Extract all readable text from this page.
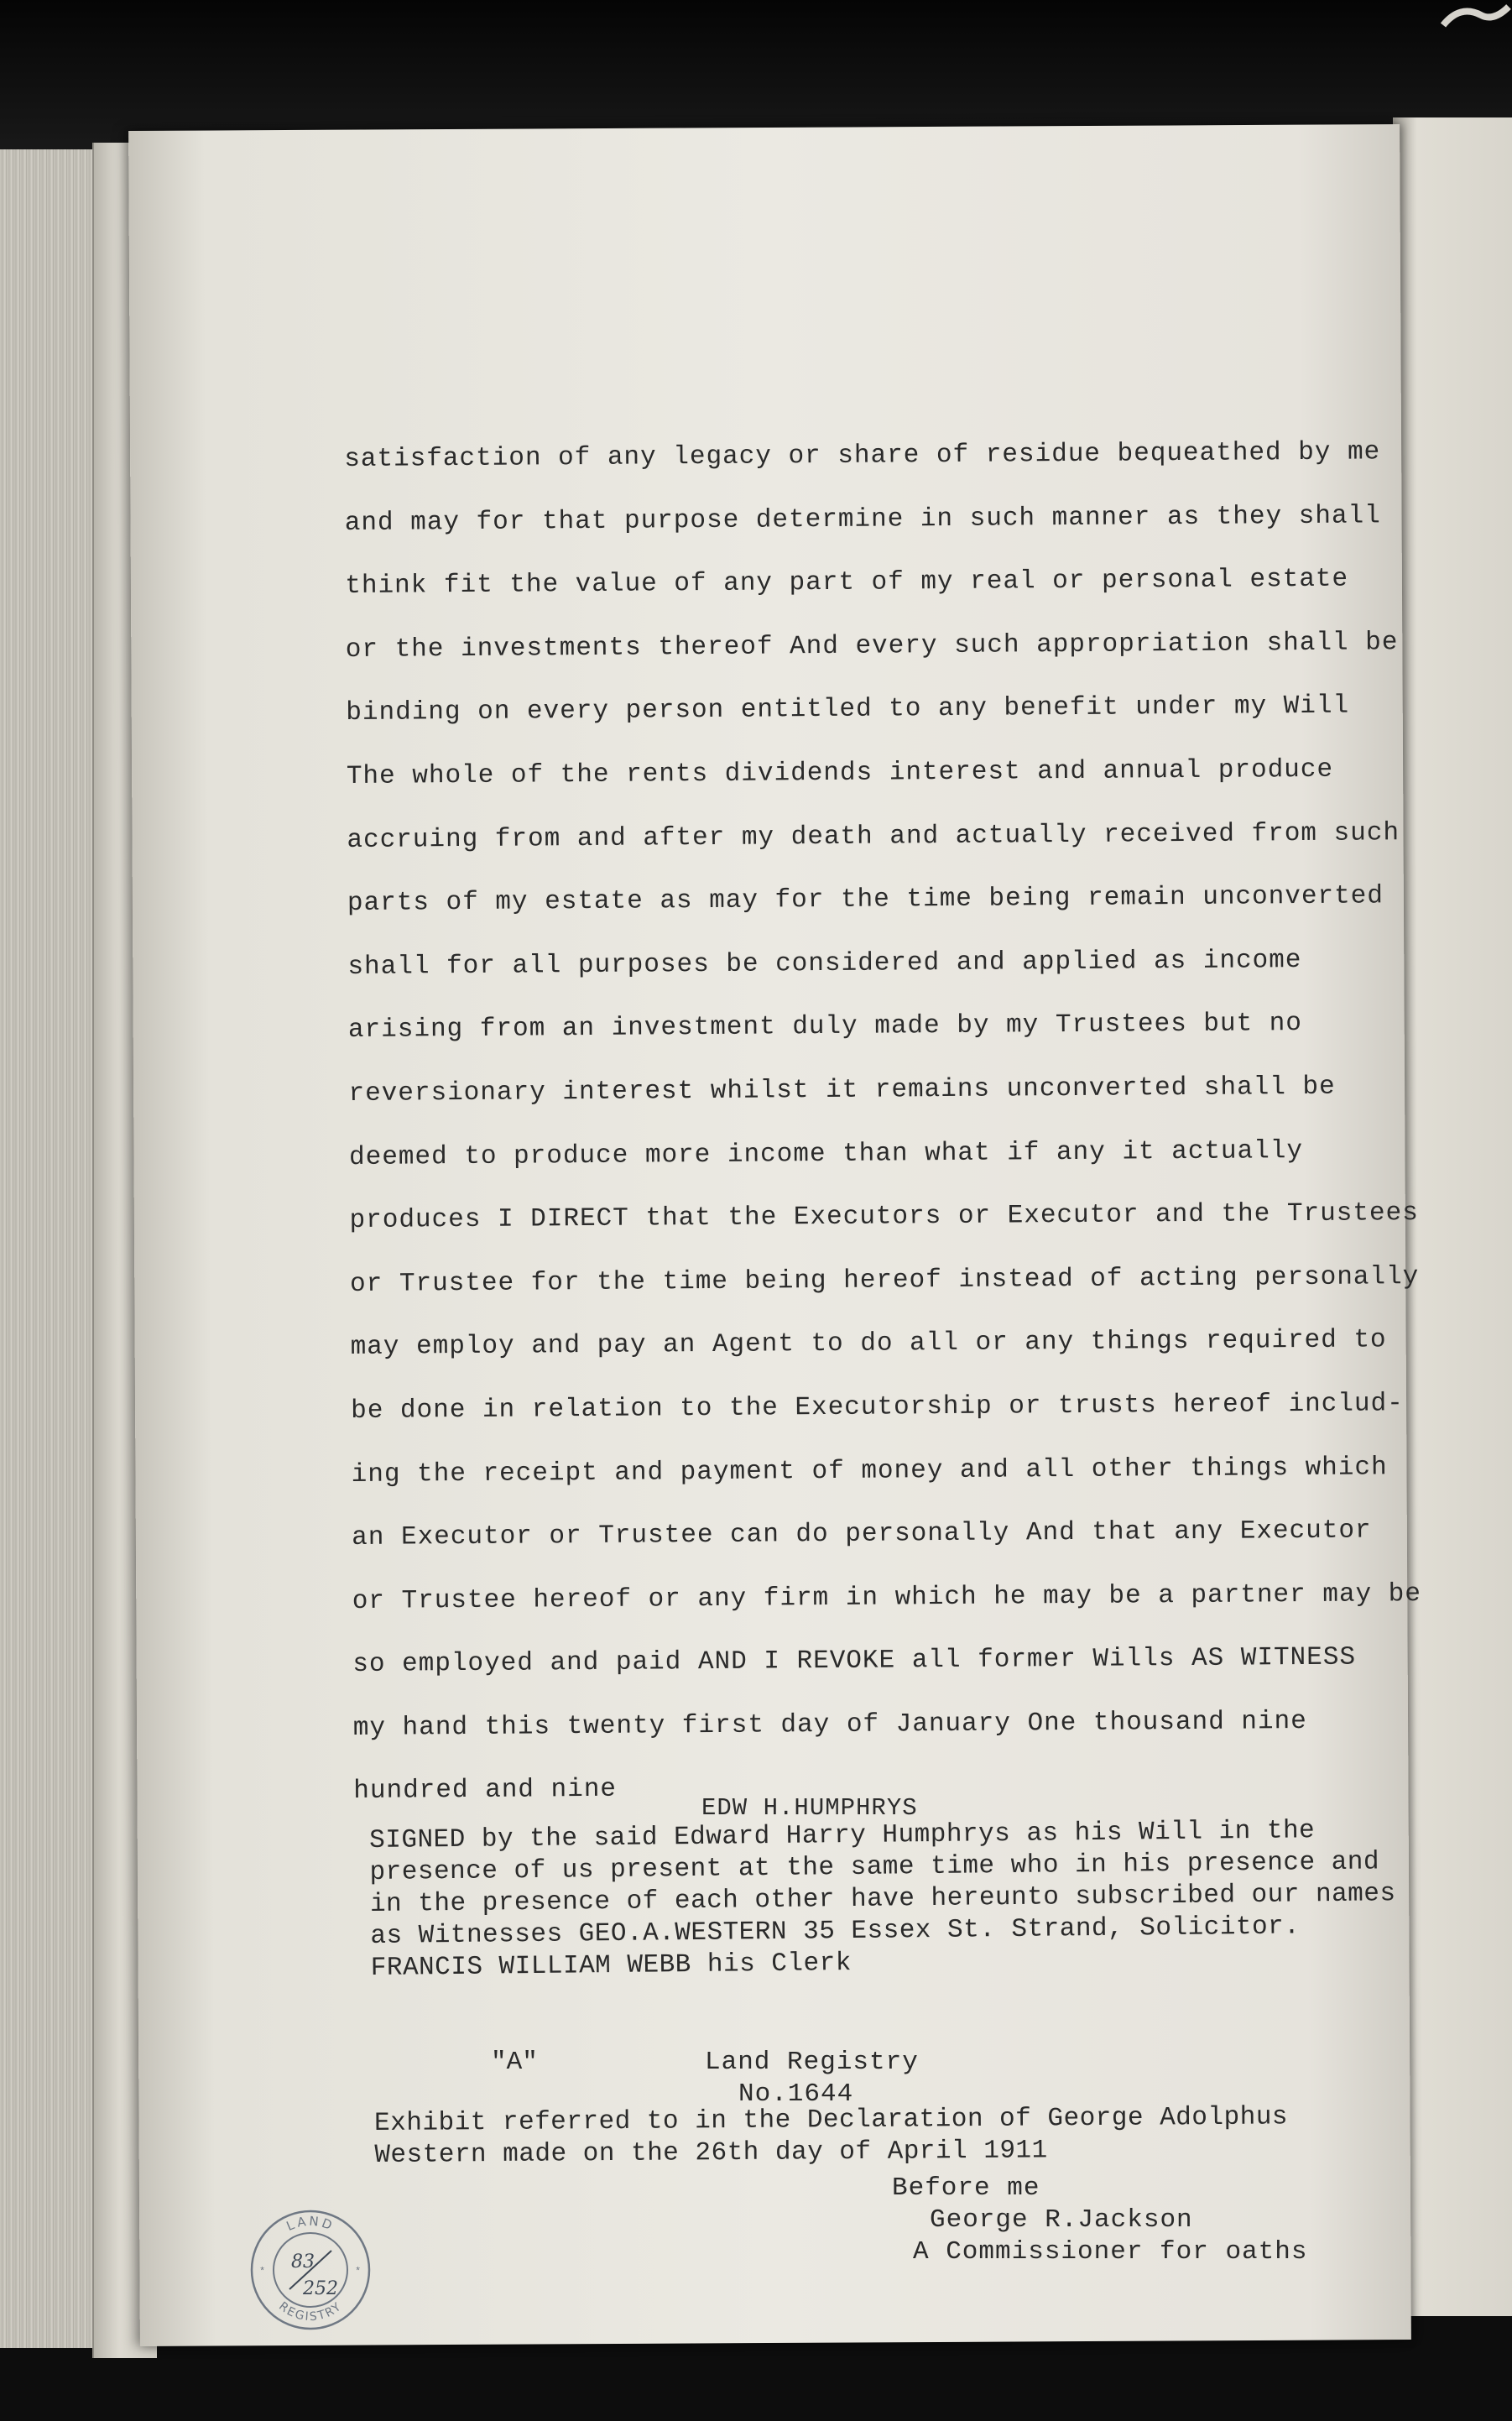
satisfaction of any legacy or share of residue bequeathed by me
and may for that purpose determine in such manner as they shall
think fit the value of any part of my real or personal estate
or the investments thereof And every such appropriation shall be
binding on every person entitled to any benefit under my Will
The whole of the rents dividends interest and annual produce
accruing from and after my death and actually received from such
parts of my estate as may for the time being remain unconverted
shall for all purposes be considered and applied as income
arising from an investment duly made by my Trustees but no
reversionary interest whilst it remains unconverted shall be
deemed to produce more income than what if any it actually
produces I DIRECT that the Executors or Executor and the Trustees
or Trustee for the time being hereof instead of acting personally
may employ and pay an Agent to do all or any things required to
be done in relation to the Executorship or trusts hereof includ-
ing the receipt and payment of money and all other things which
an Executor or Trustee can do personally And that any Executor
or Trustee hereof or any firm in which he may be a partner may be
so employed and paid AND I REVOKE all former Wills AS WITNESS
my hand this twenty first day of January One thousand nine
hundred and nine
EDW H.HUMPHRYS
SIGNED by the said Edward Harry Humphrys as his Will in the
presence of us present at the same time who in his presence and
in the presence of each other have hereunto subscribed our names
as Witnesses GEO.A.WESTERN 35 Essex St. Strand, Solicitor.
FRANCIS WILLIAM WEBB his Clerk
"A"	Land Registry
No.1644
Exhibit referred to in the Declaration of George Adolphus
Western made on the 26th day of April 1911
Before me
George R.Jackson
A Commissioner for oaths
LAND
REGISTRY
*	*
83
252
